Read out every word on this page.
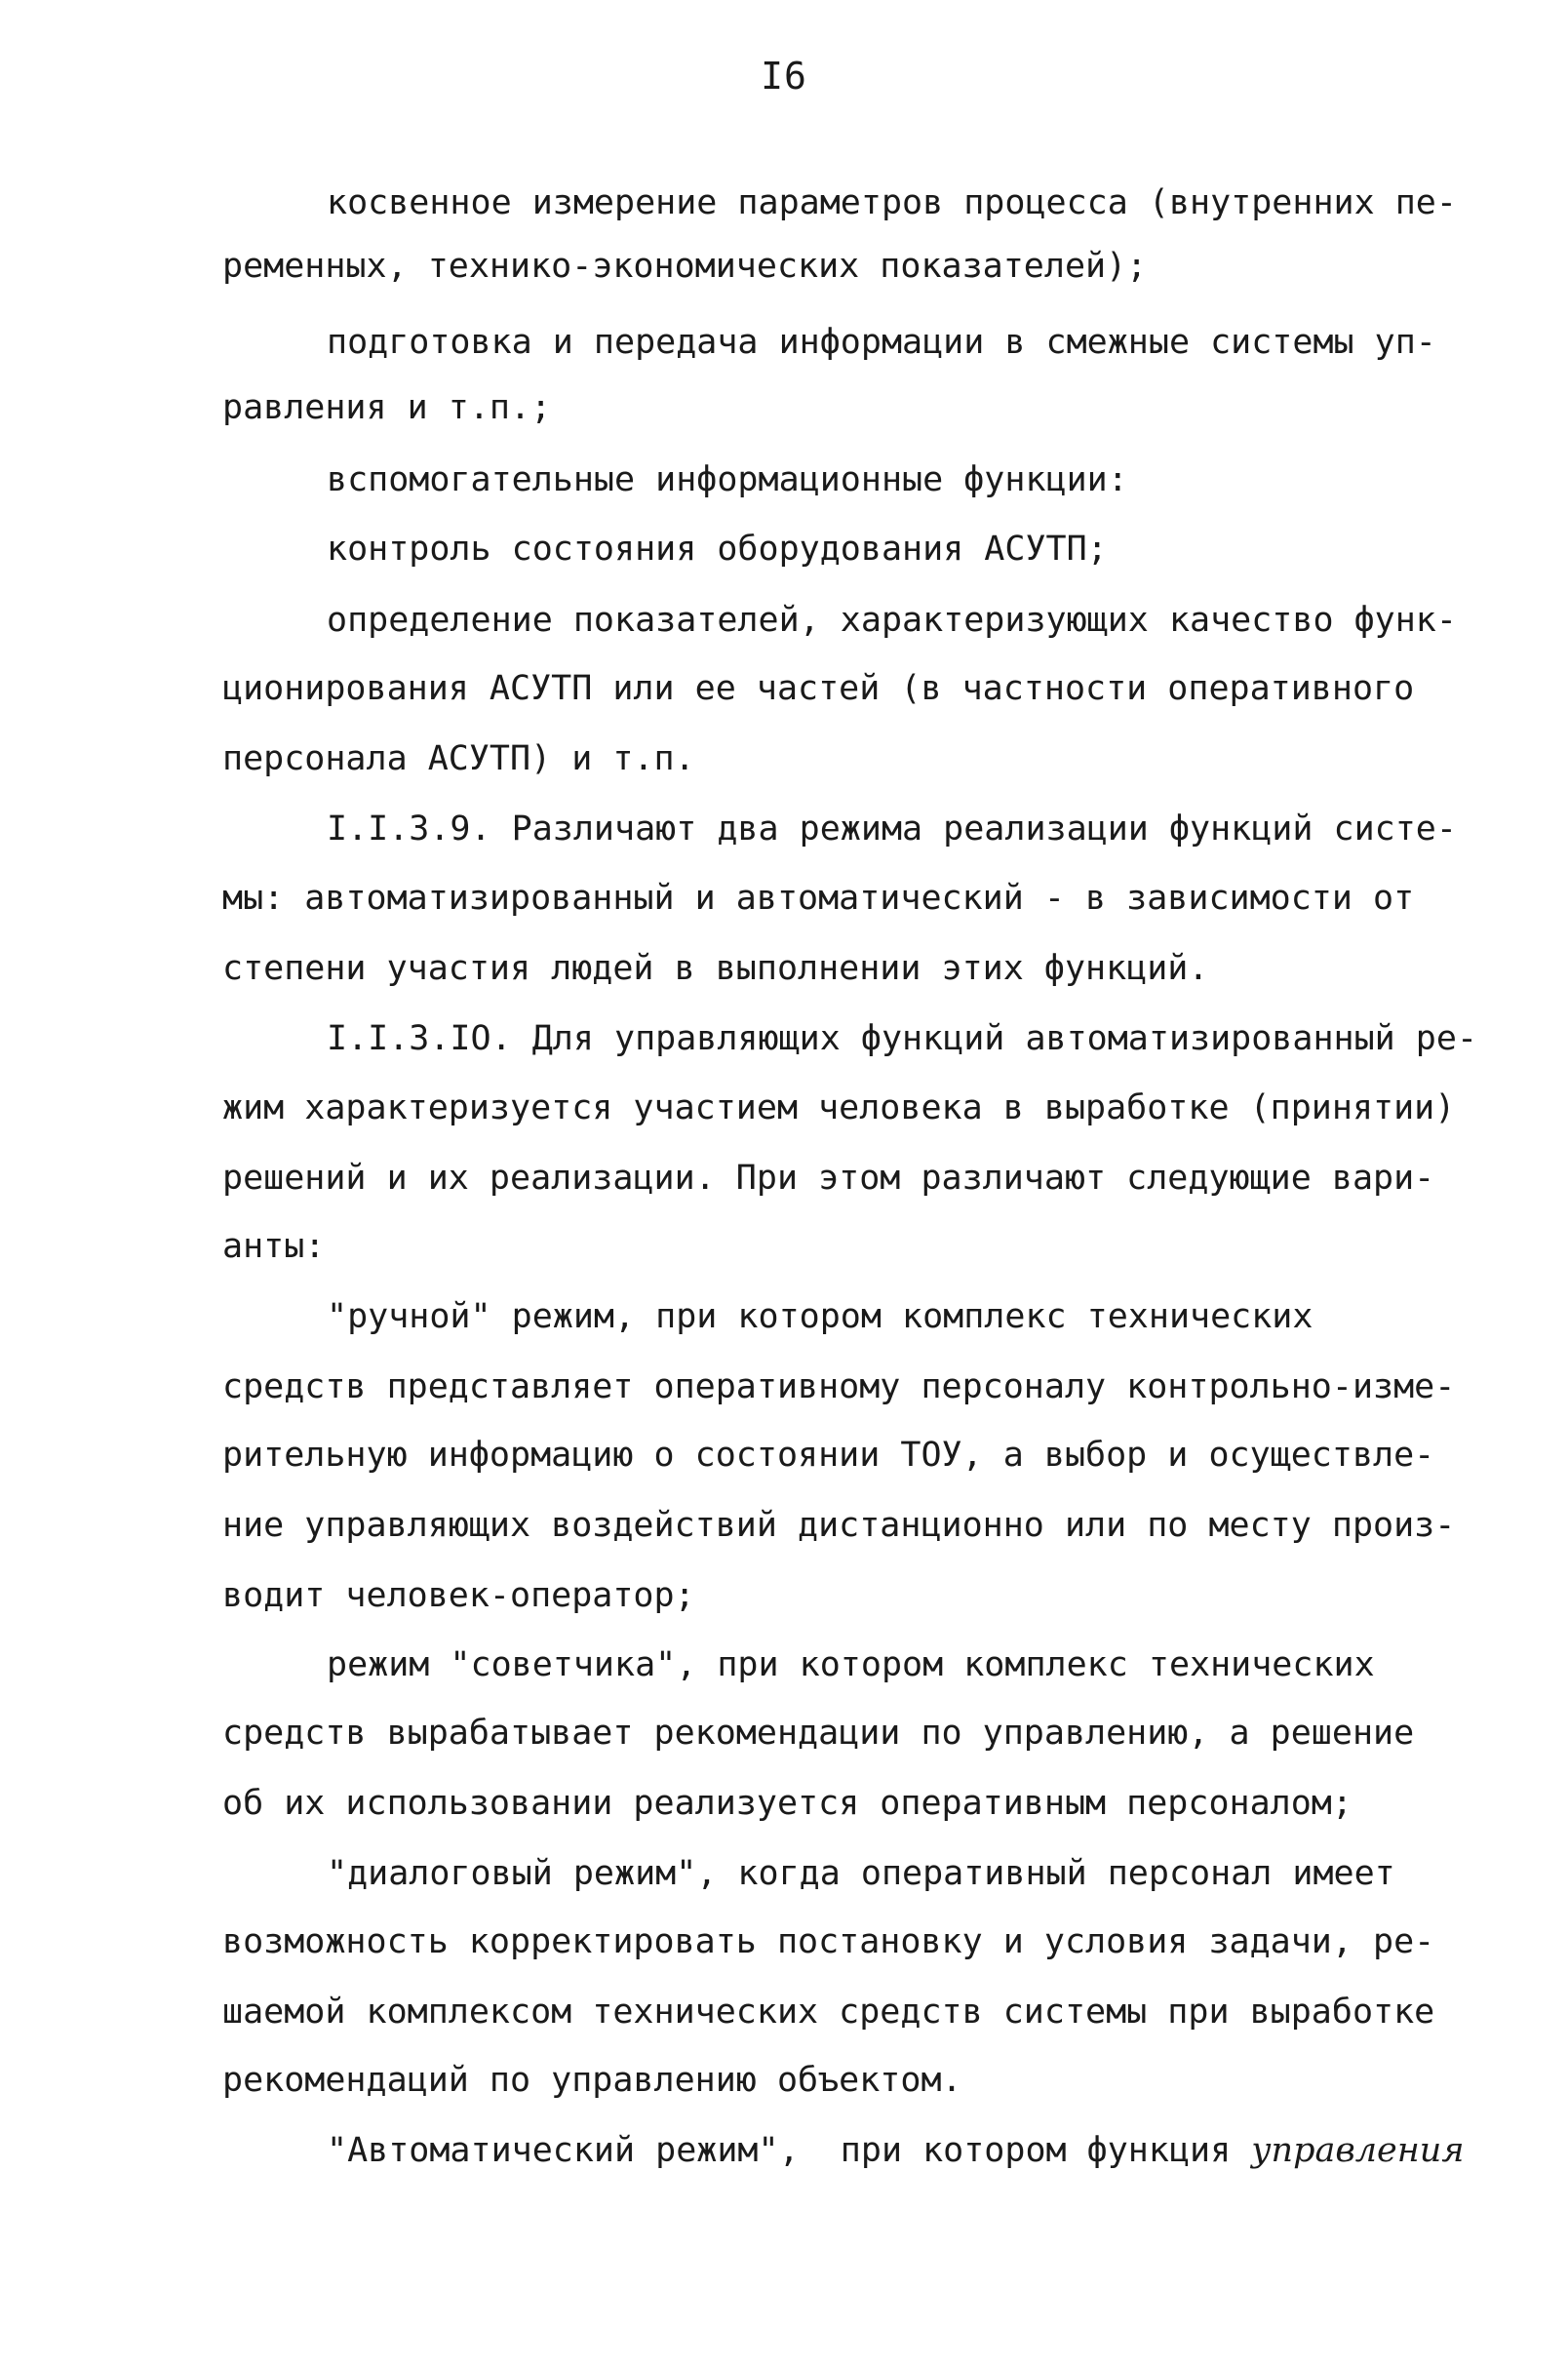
I6
косвенное измерение параметров процесса (внутренних пе-
ременных, технико-экономических показателей);
подготовка и передача информации в смежные системы уп-
равления и т.п.;
вспомогательные информационные функции:
контроль состояния оборудования АСУТП;
определение показателей, характеризующих качество функ-
ционирования АСУТП или ее частей (в частности оперативного
персонала АСУТП) и т.п.
I.I.3.9. Различают два режима реализации функций систе-
мы: автоматизированный и автоматический - в зависимости от
степени участия людей в выполнении этих функций.
I.I.3.IO. Для управляющих функций автоматизированный ре-
жим характеризуется участием человека в выработке (принятии)
решений и их реализации. При этом различают следующие вари-
анты:
"ручной" режим, при котором комплекс технических
средств представляет оперативному персоналу контрольно-изме-
рительную информацию о состоянии ТОУ, а выбор и осуществле-
ние управляющих воздействий дистанционно или по месту произ-
водит человек-оператор;
режим "советчика", при котором комплекс технических
средств вырабатывает рекомендации по управлению, а решение
об их использовании реализуется оперативным персоналом;
"диалоговый режим", когда оперативный персонал имеет
возможность корректировать постановку и условия задачи, ре-
шаемой комплексом технических средств системы при выработке
рекомендаций по управлению объектом.
"Автоматический режим",  при котором функция управления
